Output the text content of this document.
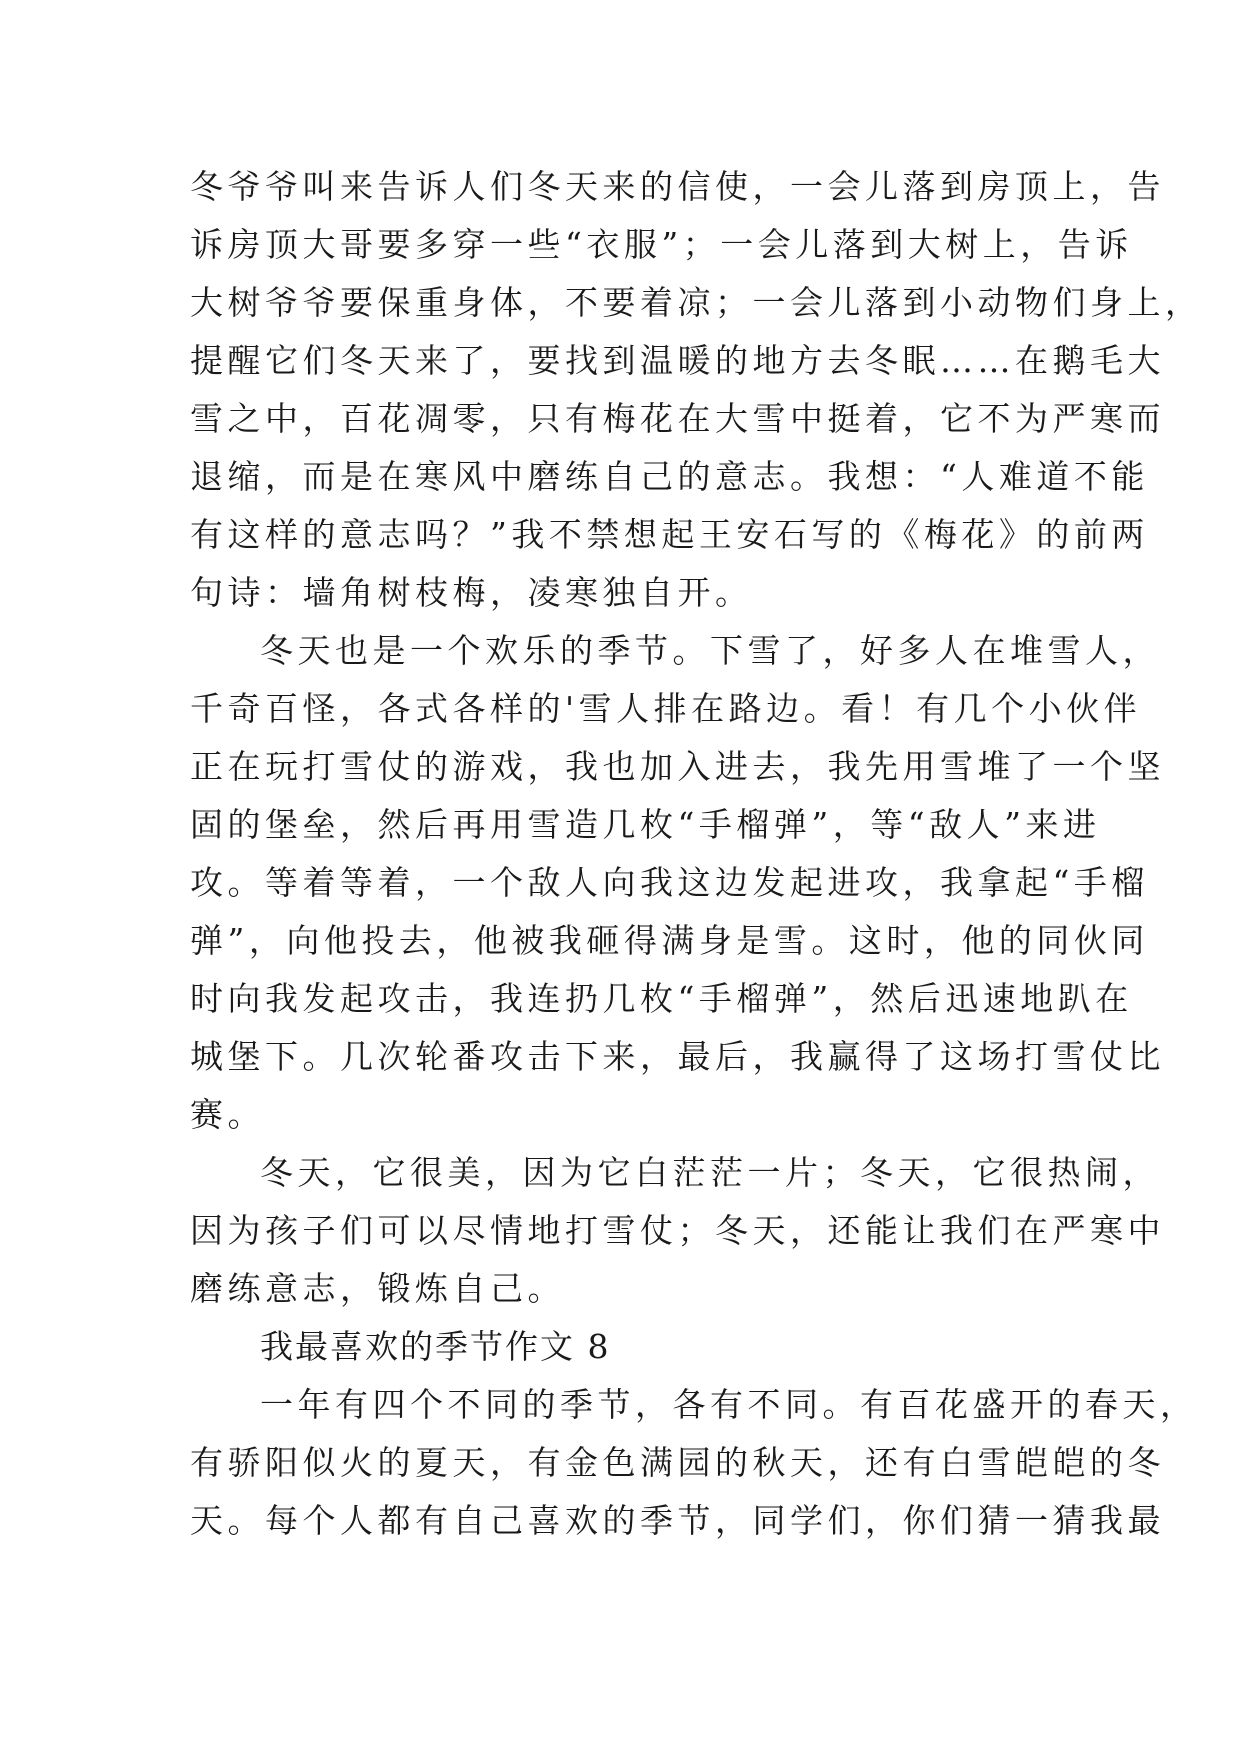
冬爷爷叫来告诉人们冬天来的信使，一会儿落到房顶上，告
诉房顶大哥要多穿一些“衣服”；一会儿落到大树上，告诉
大树爷爷要保重身体，不要着凉；一会儿落到小动物们身上，
提醒它们冬天来了，要找到温暖的地方去冬眠……在鹅毛大
雪之中，百花凋零，只有梅花在大雪中挺着，它不为严寒而
退缩，而是在寒风中磨练自己的意志。我想：“人难道不能
有这样的意志吗？”我不禁想起王安石写的《梅花》的前两
句诗：墙角树枝梅，凌寒独自开。
冬天也是一个欢乐的季节。下雪了，好多人在堆雪人，
千奇百怪，各式各样的'雪人排在路边。看！有几个小伙伴
正在玩打雪仗的游戏，我也加入进去，我先用雪堆了一个坚
固的堡垒，然后再用雪造几枚“手榴弹”，等“敌人”来进
攻。等着等着，一个敌人向我这边发起进攻，我拿起“手榴
弹”，向他投去，他被我砸得满身是雪。这时，他的同伙同
时向我发起攻击，我连扔几枚“手榴弹”，然后迅速地趴在
城堡下。几次轮番攻击下来，最后，我赢得了这场打雪仗比
赛。
冬天，它很美，因为它白茫茫一片；冬天，它很热闹，
因为孩子们可以尽情地打雪仗；冬天，还能让我们在严寒中
磨练意志，锻炼自己。
我最喜欢的季节作文 8
一年有四个不同的季节，各有不同。有百花盛开的春天，
有骄阳似火的夏天，有金色满园的秋天，还有白雪皑皑的冬
天。每个人都有自己喜欢的季节，同学们，你们猜一猜我最
